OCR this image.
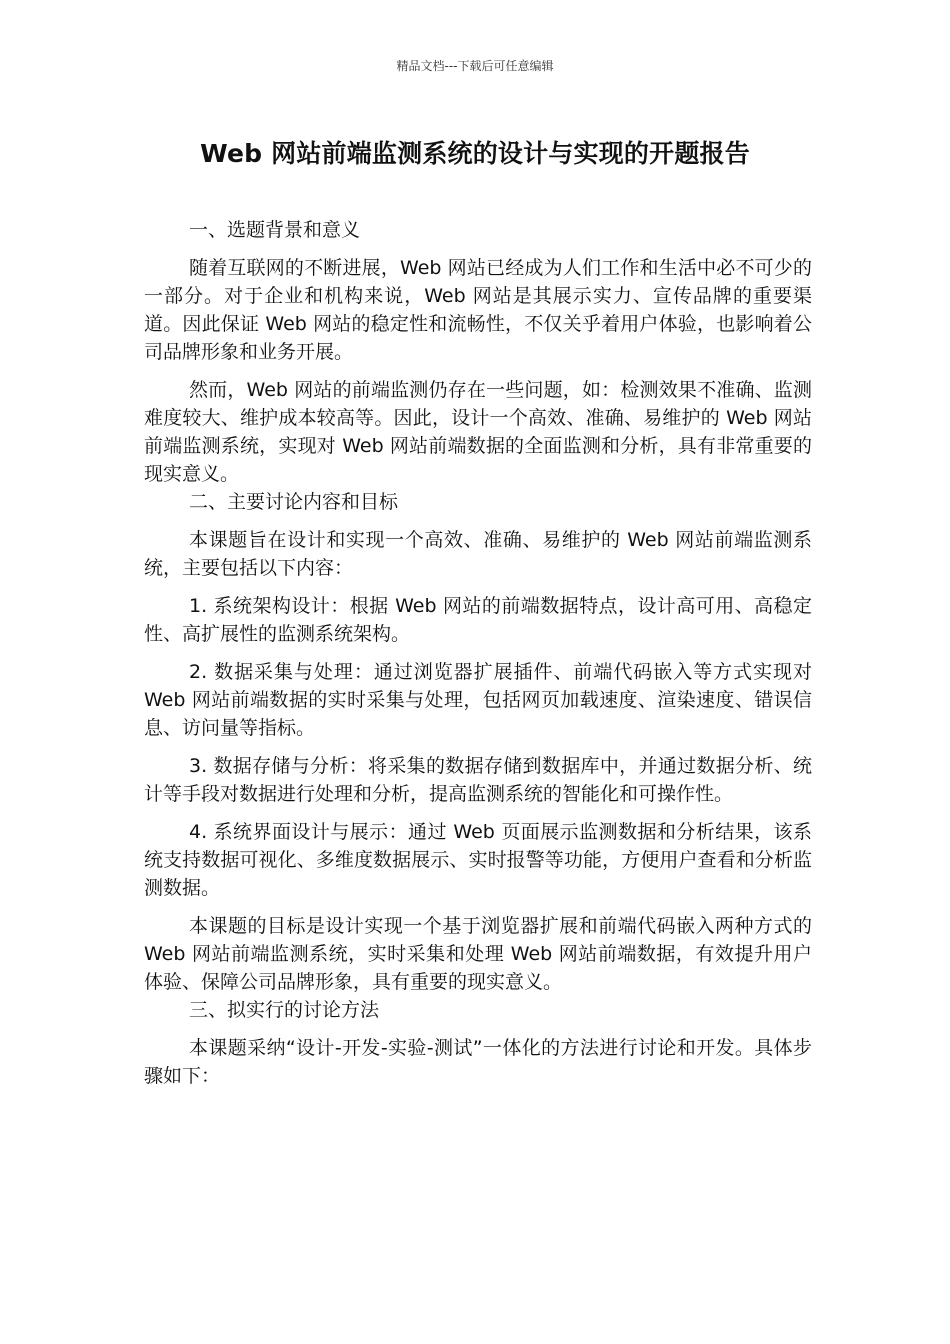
精品文档---下载后可任意编辑
Web 网站前端监测系统的设计与实现的开题报告

一、选题背景和意义

随着互联网的不断进展，Web 网站已经成为人们工作和生活中必不可少的一部分。对于企业和机构来说，Web 网站是其展示实力、宣传品牌的重要渠道。因此保证 Web 网站的稳定性和流畅性，不仅关乎着用户体验，也影响着公司品牌形象和业务开展。

然而，Web 网站的前端监测仍存在一些问题，如：检测效果不准确、监测难度较大、维护成本较高等。因此，设计一个高效、准确、易维护的 Web 网站前端监测系统，实现对 Web 网站前端数据的全面监测和分析，具有非常重要的现实意义。

二、主要讨论内容和目标

本课题旨在设计和实现一个高效、准确、易维护的 Web 网站前端监测系统，主要包括以下内容：

1. 系统架构设计：根据 Web 网站的前端数据特点，设计高可用、高稳定性、高扩展性的监测系统架构。

2. 数据采集与处理：通过浏览器扩展插件、前端代码嵌入等方式实现对 Web 网站前端数据的实时采集与处理，包括网页加载速度、渲染速度、错误信息、访问量等指标。

3. 数据存储与分析：将采集的数据存储到数据库中，并通过数据分析、统计等手段对数据进行处理和分析，提高监测系统的智能化和可操作性。

4. 系统界面设计与展示：通过 Web 页面展示监测数据和分析结果，该系统支持数据可视化、多维度数据展示、实时报警等功能，方便用户查看和分析监测数据。

本课题的目标是设计实现一个基于浏览器扩展和前端代码嵌入两种方式的 Web 网站前端监测系统，实时采集和处理 Web 网站前端数据，有效提升用户体验、保障公司品牌形象，具有重要的现实意义。

三、拟实行的讨论方法

本课题采纳“设计-开发-实验-测试”一体化的方法进行讨论和开发。具体步骤如下：
